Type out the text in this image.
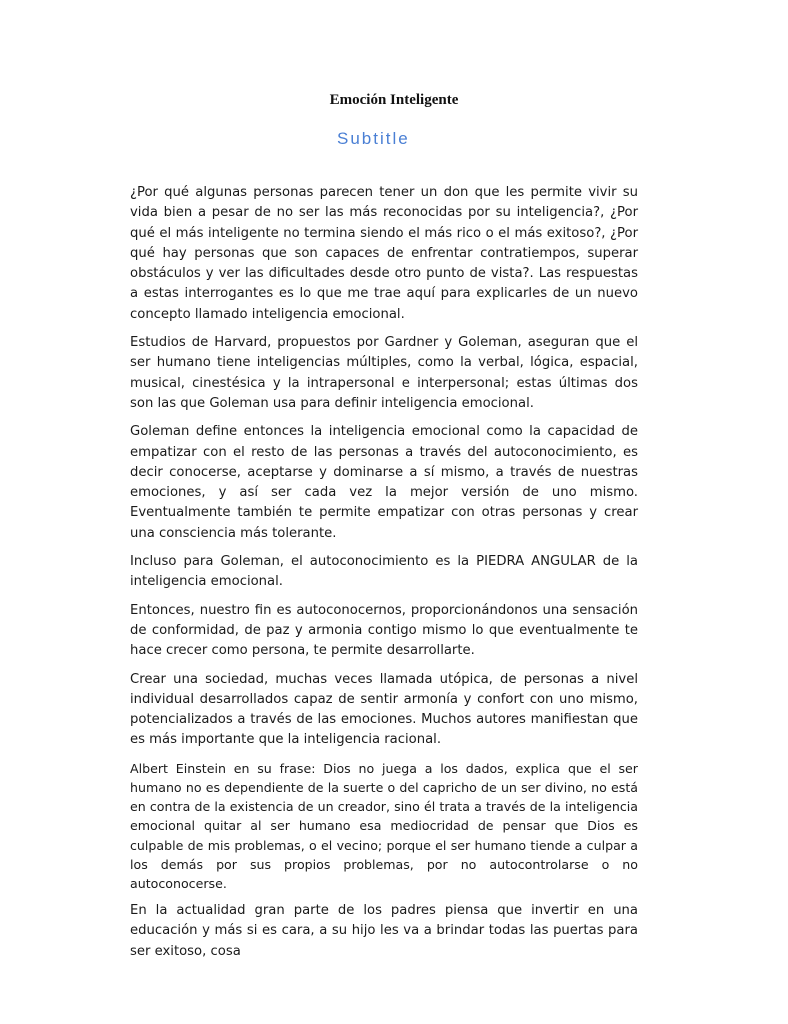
Emoción Inteligente
Subtitle

¿Por qué algunas personas parecen tener un don que les permite vivir su vida bien a pesar de no ser las más reconocidas por su inteligencia?, ¿Por qué el más inteligente no termina siendo el más rico o el más exitoso?, ¿Por qué hay personas que son capaces de enfrentar contratiempos, superar obstáculos y ver las dificultades desde otro punto de vista?. Las respuestas a estas interrogantes es lo que me trae aquí para explicarles de un nuevo concepto llamado inteligencia emocional.

Estudios de Harvard, propuestos por Gardner y Goleman, aseguran que el ser humano tiene inteligencias múltiples, como la verbal, lógica, espacial, musical, cinestésica y la intrapersonal e interpersonal; estas últimas dos son las que Goleman usa para definir inteligencia emocional.

Goleman define entonces la inteligencia emocional como la capacidad de empatizar con el resto de las personas a través del autoconocimiento, es decir conocerse, aceptarse y dominarse a sí mismo, a través de nuestras emociones, y así ser cada vez la mejor versión de uno mismo. Eventualmente también te permite empatizar con otras personas y crear una consciencia más tolerante.

Incluso para Goleman, el autoconocimiento es la PIEDRA ANGULAR de la inteligencia emocional.

Entonces, nuestro fin es autoconocernos, proporcionándonos una sensación de conformidad, de paz y armonia contigo mismo lo que eventualmente te hace crecer como persona, te permite desarrollarte.

Crear una sociedad, muchas veces llamada utópica, de personas a nivel individual desarrollados capaz de sentir armonía y confort con uno mismo, potencializados a través de las emociones. Muchos autores manifiestan que es más importante que la inteligencia racional.

Albert Einstein en su frase: Dios no juega a los dados, explica que el ser humano no es dependiente de la suerte o del capricho de un ser divino, no está en contra de la existencia de un creador, sino él trata a través de la inteligencia emocional quitar al ser humano esa mediocridad de pensar que Dios es culpable de mis problemas, o el vecino; porque el ser humano tiende a culpar a los demás por sus propios problemas, por no autocontrolarse o no autoconocerse.

En la actualidad gran parte de los padres piensa que invertir en una educación y más si es cara, a su hijo les va a brindar todas las puertas para ser exitoso, cosa
